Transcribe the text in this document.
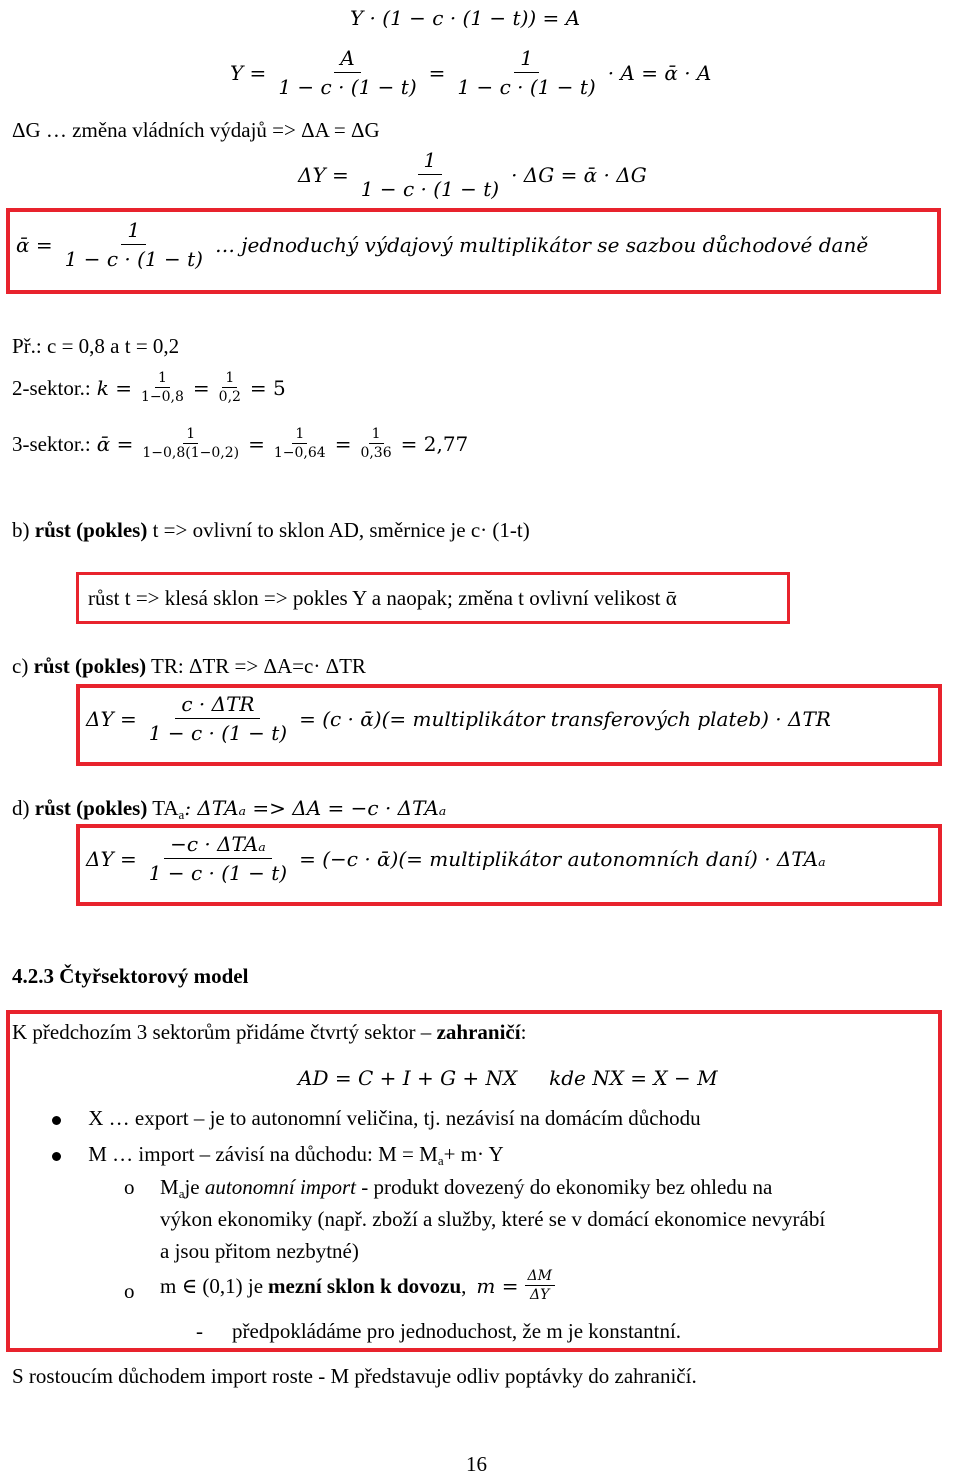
Y · (1 − c · (1 − t)) = A
$Y = \frac{A}{1 - c \cdot (1 - t)} = \frac{1}{1 - c \cdot (1 - t)} \cdot A$ = ᾱ · A
ΔG … změna vládních výdajů => ΔA = ΔG
$\Delta Y = \frac{1}{1 - c \cdot (1 - t)} \cdot \Delta G$ = ᾱ · ΔG
ᾱ = $\frac{1}{1 - c \cdot (1 - t)}$ … jednoduchý výdajový multiplikátor se sazbou důchodové daně
Př.: c = 0,8 a t = 0,2
2-sektor.: $k = \frac{1}{1-0,8} = \frac{1}{0,2} = 5$
3-sektor.: ᾱ = $\frac{1}{1-0,8(1-0,2)} = \frac{1}{1-0,64} = \frac{1}{0,36} = 2,77$
b) růst (pokles) t => ovlivní to sklon AD, směrnice je c· (1-t)
růst t => klesá sklon => pokles Y a naopak; změna t ovlivní velikost ᾱ
c) růst (pokles) TR: ΔTR => ΔA=c· ΔTR
$\Delta Y = \frac{\text{c · ΔTR}}{1 - c \cdot (1 - t)} = (c$ · ᾱ)(= multiplikátor transferových plateb) · ΔTR
d) růst (pokles) $TA_a$: ΔTAₐ => ΔA = −c · ΔTAₐ
$\Delta Y = \frac{\text{−c · ΔTAₐ}}{1 - c \cdot (1 - t)} = (-c$ · ᾱ)(= multiplikátor autonomních daní) · ΔTAₐ
4.2.3 Čtyřsektorový model
K předchozím 3 sektorům přidáme čtvrtý sektor – zahraničí:
AD = C + I + G + NX     kde NX = X − M
X … export – je to autonomní veličina, tj. nezávisí na domácím důchodu
M … import – závisí na důchodu: $M = M_a+ m\cdot Y$
o $M_a$ je autonomní import - produkt dovezený do ekonomiky bez ohledu na
výkon ekonomiky (např. zboží a služby, které se v domácí ekonomice nevyrábí
a jsou přitom nezbytné)
o m ∈ (0,1) je mezní sklon k dovozu , $m = \frac{\Delta M}{\Delta Y}$
- předpokládáme pro jednoduchost, že m je konstantní.
S rostoucím důchodem import roste - M představuje odliv poptávky do zahraničí.
16
